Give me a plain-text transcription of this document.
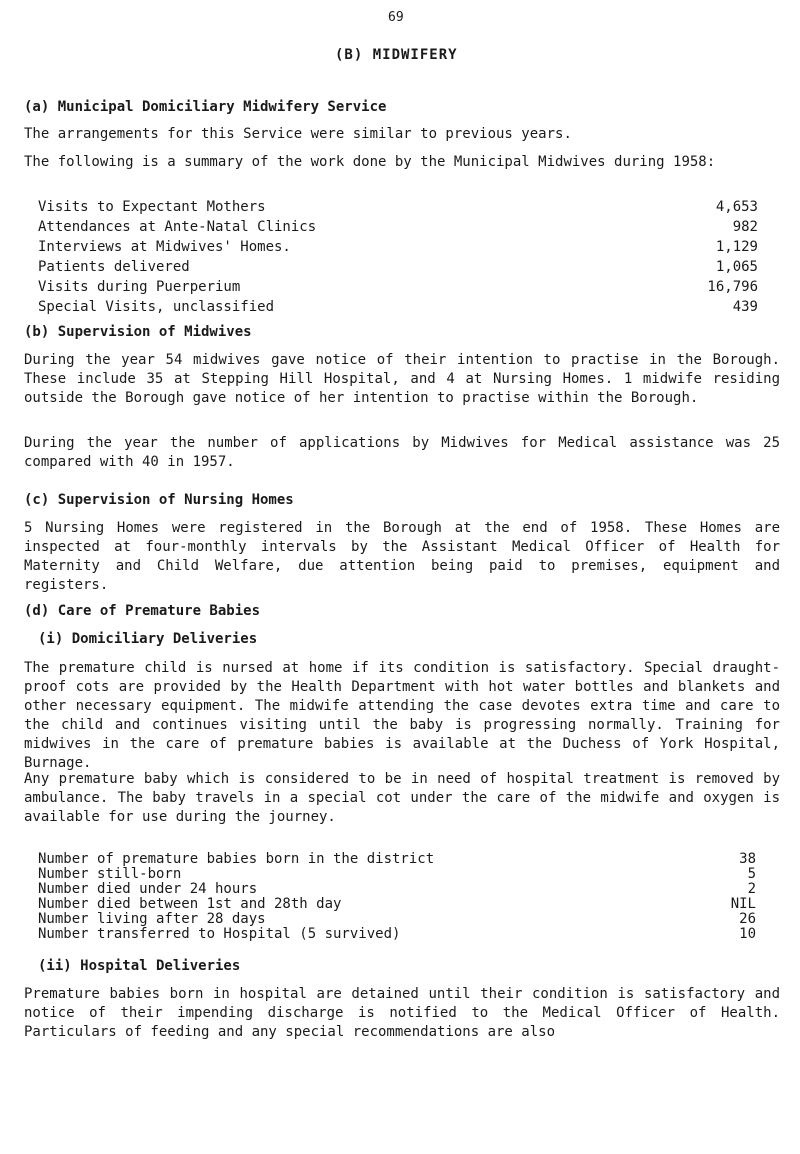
69
(B) MIDWIFERY
(a) Municipal Domiciliary Midwifery Service

The arrangements for this Service were similar to previous years.

The following is a summary of the work done by the Municipal Midwives during 1958:

Visits to Expectant Mothers	4,653
Attendances at Ante-Natal Clinics	982
Interviews at Midwives' Homes.	1,129
Patients delivered	1,065
Visits during Puerperium	16,796
Special Visits, unclassified	439
(b) Supervision of Midwives

During the year 54 midwives gave notice of their intention to practise in the Borough. These include 35 at Stepping Hill Hospital, and 4 at Nursing Homes. 1 midwife residing outside the Borough gave notice of her intention to practise within the Borough.

During the year the number of applications by Midwives for Medical assistance was 25 compared with 40 in 1957.

(c) Supervision of Nursing Homes

5 Nursing Homes were registered in the Borough at the end of 1958. These Homes are inspected at four-monthly intervals by the Assistant Medical Officer of Health for Maternity and Child Welfare, due attention being paid to premises, equipment and registers.

(d) Care of Premature Babies
(i) Domiciliary Deliveries

The premature child is nursed at home if its condition is satisfactory. Special draught-proof cots are provided by the Health Department with hot water bottles and blankets and other necessary equipment. The midwife attending the case devotes extra time and care to the child and continues visiting until the baby is progressing normally. Training for midwives in the care of premature babies is available at the Duchess of York Hospital, Burnage.

Any premature baby which is considered to be in need of hospital treatment is removed by ambulance. The baby travels in a special cot under the care of the midwife and oxygen is available for use during the journey.

Number of premature babies born in the district	38
Number still-born	5
Number died under 24 hours	2
Number died between 1st and 28th day	NIL
Number living after 28 days	26
Number transferred to Hospital (5 survived)	10
(ii) Hospital Deliveries

Premature babies born in hospital are detained until their condition is satisfactory and notice of their impending discharge is notified to the Medical Officer of Health. Particulars of feeding and any special recommendations are also
